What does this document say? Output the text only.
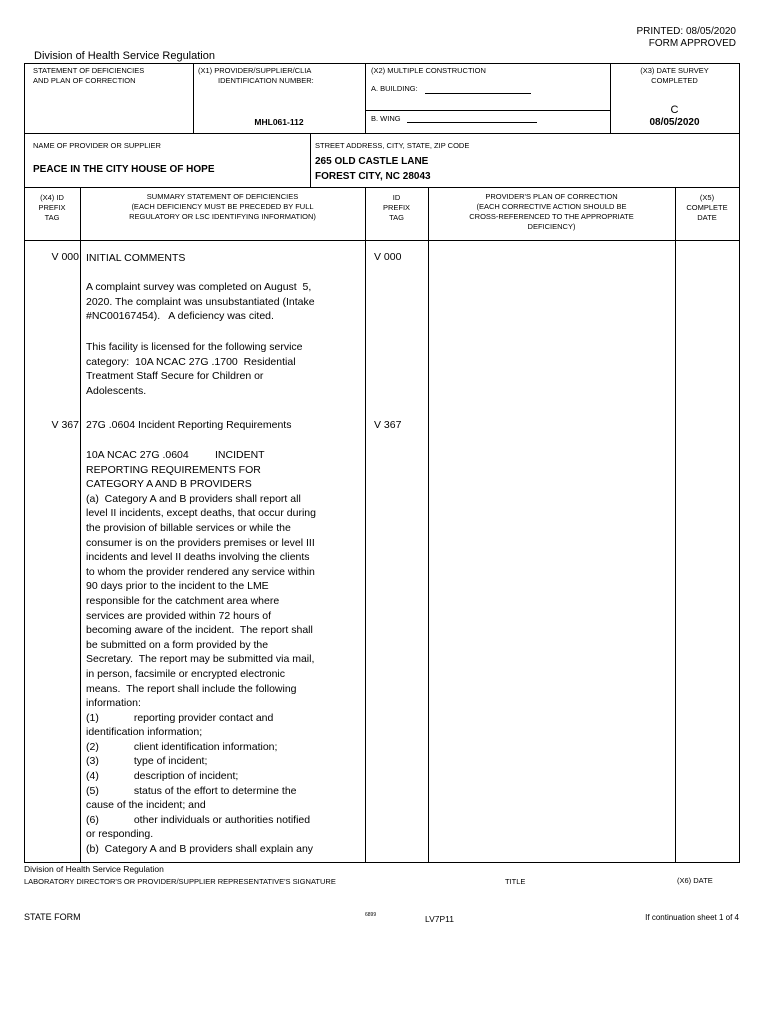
PRINTED: 08/05/2020
FORM APPROVED
Division of Health Service Regulation
STATEMENT OF DEFICIENCIES
AND PLAN OF CORRECTION
(X1) PROVIDER/SUPPLIER/CLIA
IDENTIFICATION NUMBER:
MHL061-112
(X2) MULTIPLE CONSTRUCTION
A. BUILDING:
B. WING
(X3) DATE SURVEY
COMPLETED
C
08/05/2020
NAME OF PROVIDER OR SUPPLIER
PEACE IN THE CITY HOUSE OF HOPE
STREET ADDRESS, CITY, STATE, ZIP CODE
265 OLD CASTLE LANE
FOREST CITY, NC 28043
(X4) ID
PREFIX
TAG
SUMMARY STATEMENT OF DEFICIENCIES
(EACH DEFICIENCY MUST BE PRECEDED BY FULL
REGULATORY OR LSC IDENTIFYING INFORMATION)
ID
PREFIX
TAG
PROVIDER'S PLAN OF CORRECTION
(EACH CORRECTIVE ACTION SHOULD BE
CROSS-REFERENCED TO THE APPROPRIATE
DEFICIENCY)
(X5)
COMPLETE
DATE
V 000	V 000
INITIAL COMMENTS
A complaint survey was completed on August  5,
2020. The complaint was unsubstantiated (Intake
#NC00167454).   A deficiency was cited.
This facility is licensed for the following service
category:  10A NCAC 27G .1700  Residential
Treatment Staff Secure for Children or
Adolescents.
V 367	V 367
27G .0604 Incident Reporting Requirements
10A NCAC 27G .0604         INCIDENT
REPORTING REQUIREMENTS FOR
CATEGORY A AND B PROVIDERS
(a)  Category A and B providers shall report all
level II incidents, except deaths, that occur during
the provision of billable services or while the
consumer is on the providers premises or level III
incidents and level II deaths involving the clients
to whom the provider rendered any service within
90 days prior to the incident to the LME
responsible for the catchment area where
services are provided within 72 hours of
becoming aware of the incident.  The report shall
be submitted on a form provided by the
Secretary.  The report may be submitted via mail,
in person, facsimile or encrypted electronic
means.  The report shall include the following
information:
(1)            reporting provider contact and
identification information;
(2)            client identification information;
(3)            type of incident;
(4)            description of incident;
(5)            status of the effort to determine the
cause of the incident; and
(6)            other individuals or authorities notified
or responding.
(b)  Category A and B providers shall explain any
Division of Health Service Regulation
LABORATORY DIRECTOR'S OR PROVIDER/SUPPLIER REPRESENTATIVE'S SIGNATURE	TITLE	(X6) DATE
STATE FORM	6899	LV7P11	If continuation sheet 1 of 4
